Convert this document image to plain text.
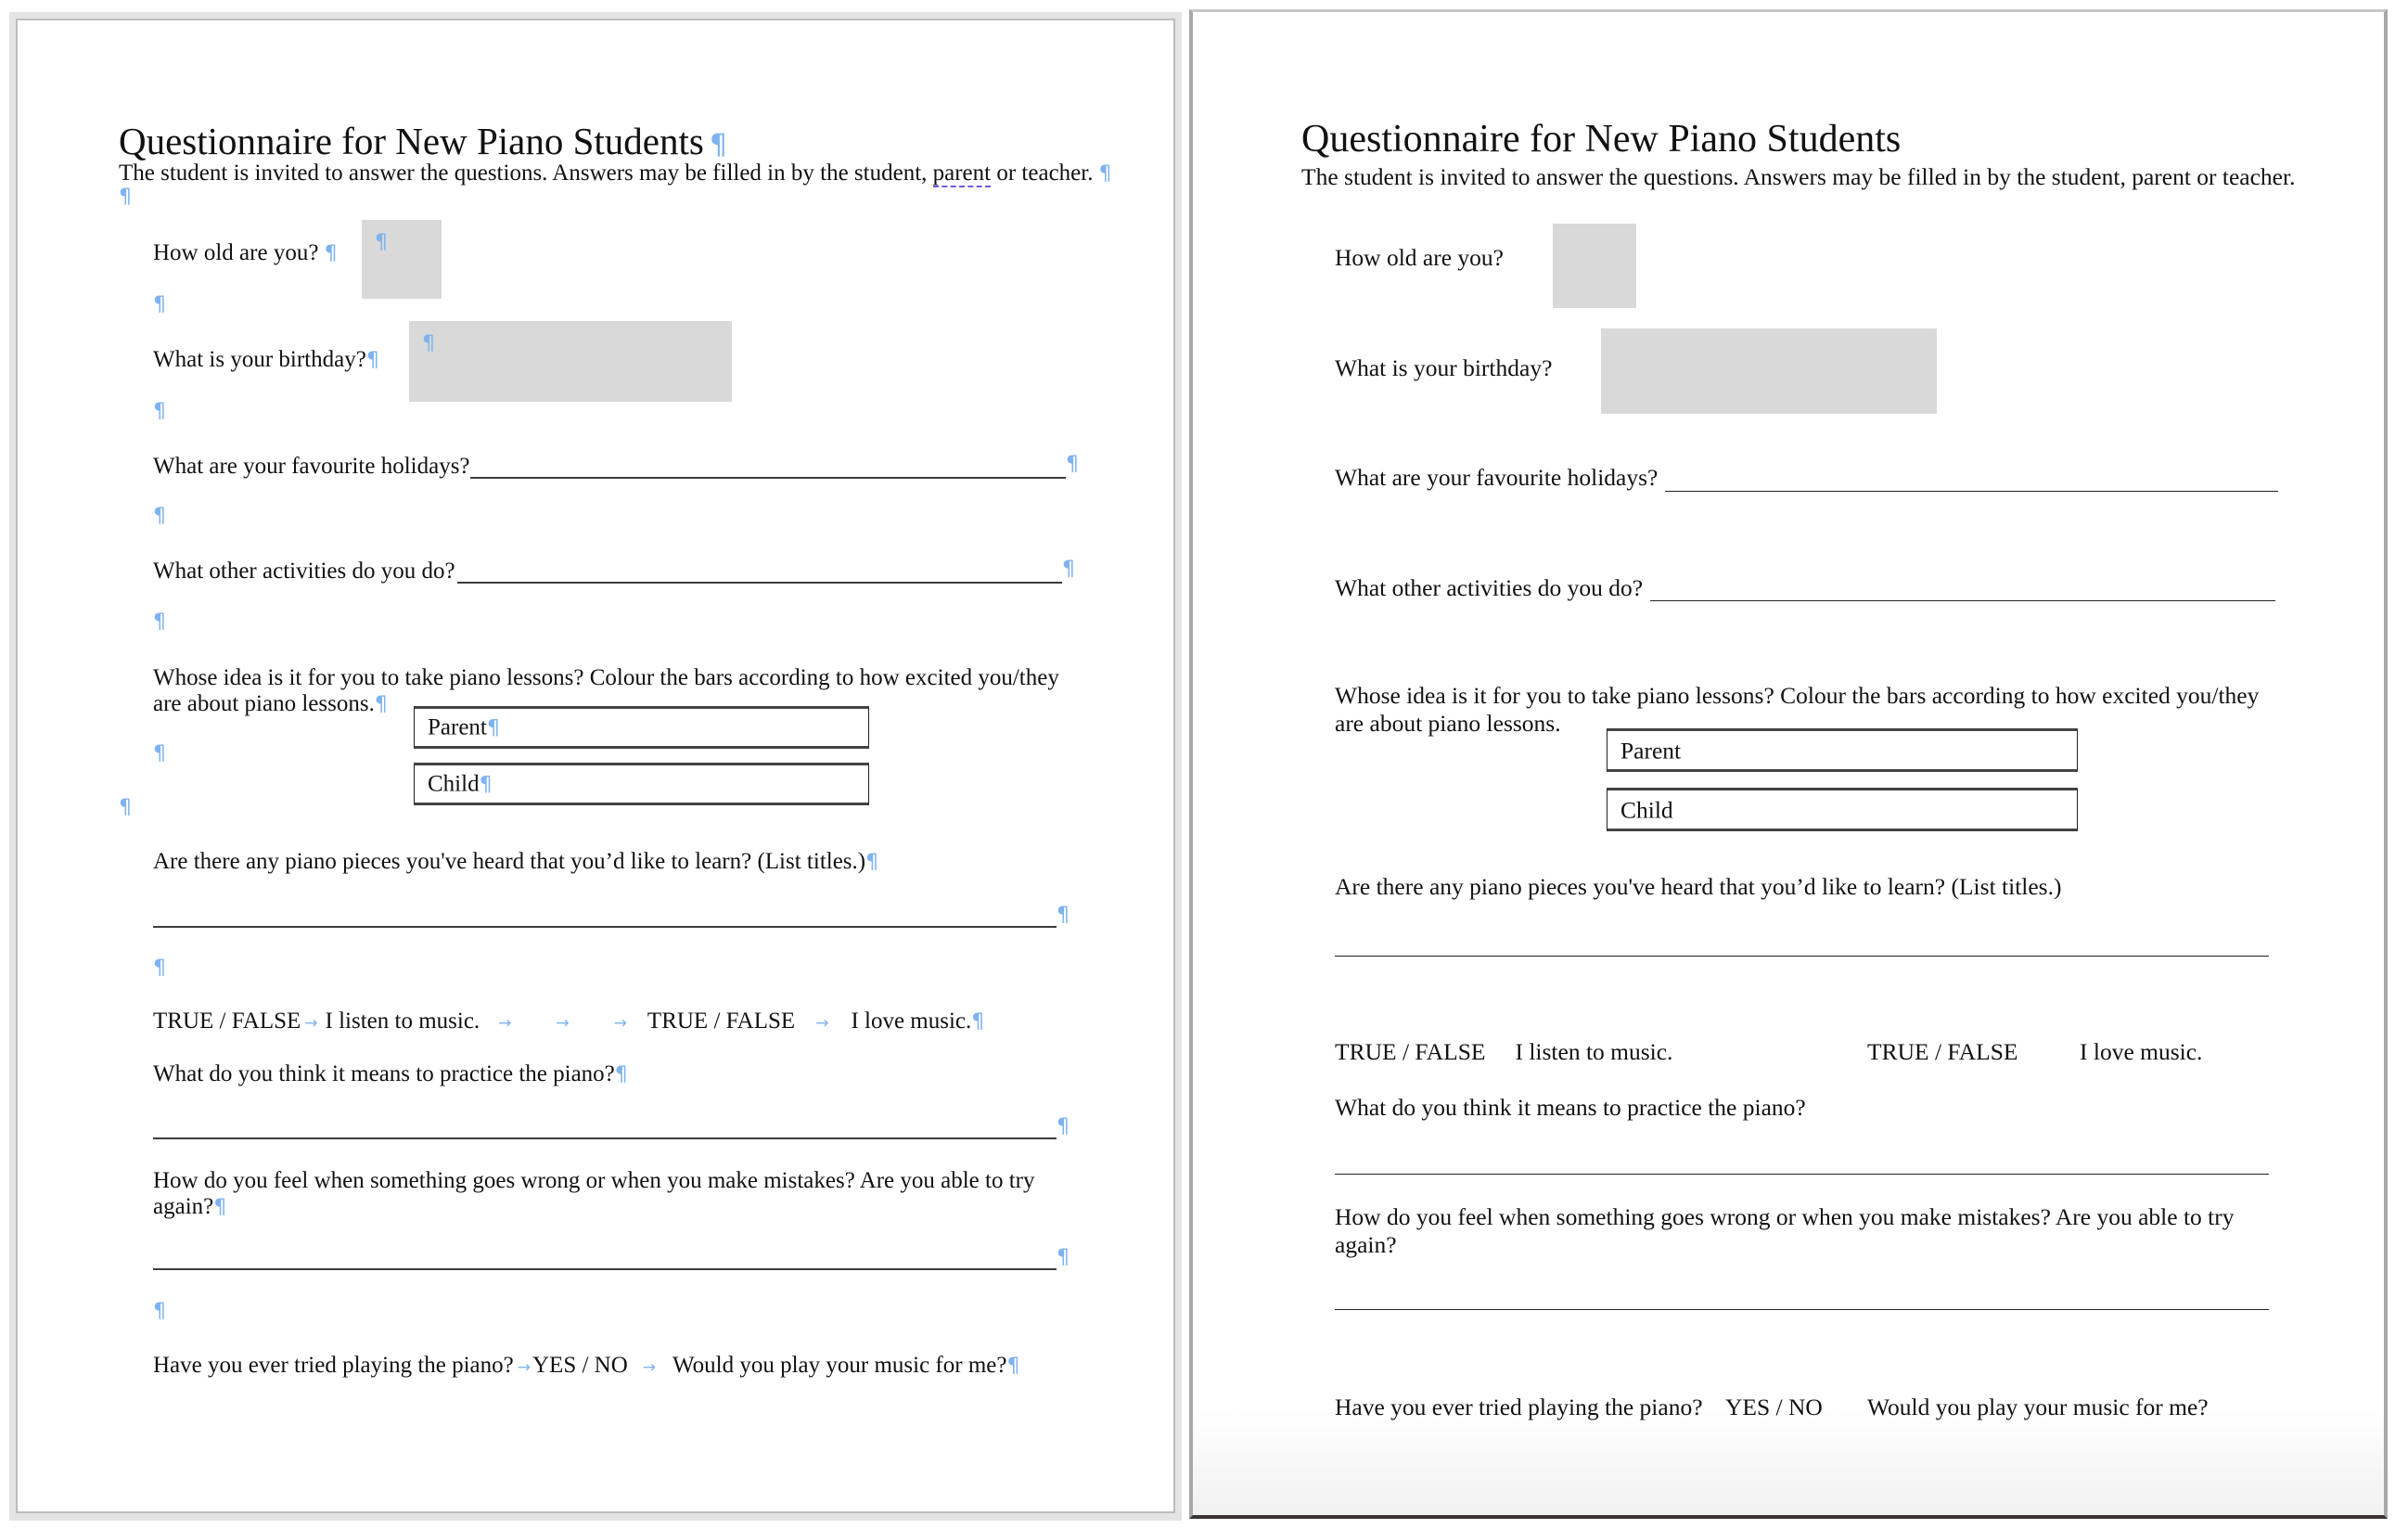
Questionnaire for New Piano Students ¶
The student is invited to answer the questions. Answers may be filled in by the student, parent or teacher. ¶
¶
How old are you? ¶ ¶
¶
What is your birthday?¶
¶
¶
What are your favourite holidays?	¶
¶
What other activities do you do?	¶
¶
Whose idea is it for you to take piano lessons? Colour the bars according to how excited you/they
are about piano lessons.¶
Parent¶
¶
Child¶
¶
Are there any piano pieces you've heard that you’d like to learn? (List titles.)¶
¶
¶
TRUE / FALSE → I listen to music. →	→	→ TRUE / FALSE → I love music.¶
What do you think it means to practice the piano?¶
¶
How do you feel when something goes wrong or when you make mistakes? Are you able to try
again?¶
¶
¶
Have you ever tried playing the piano? →YES / NO → Would you play your music for me?¶
Questionnaire for New Piano Students
The student is invited to answer the questions. Answers may be filled in by the student, parent or teacher.
How old are you?
What is your birthday?
What are your favourite holidays?
What other activities do you do?
Whose idea is it for you to take piano lessons? Colour the bars according to how excited you/they
are about piano lessons.
Parent
Child
Are there any piano pieces you've heard that you’d like to learn? (List titles.)
TRUE / FALSE I listen to music.	TRUE / FALSE	I love music.
What do you think it means to practice the piano?
How do you feel when something goes wrong or when you make mistakes? Are you able to try
again?
Have you ever tried playing the piano? YES / NO Would you play your music for me?
